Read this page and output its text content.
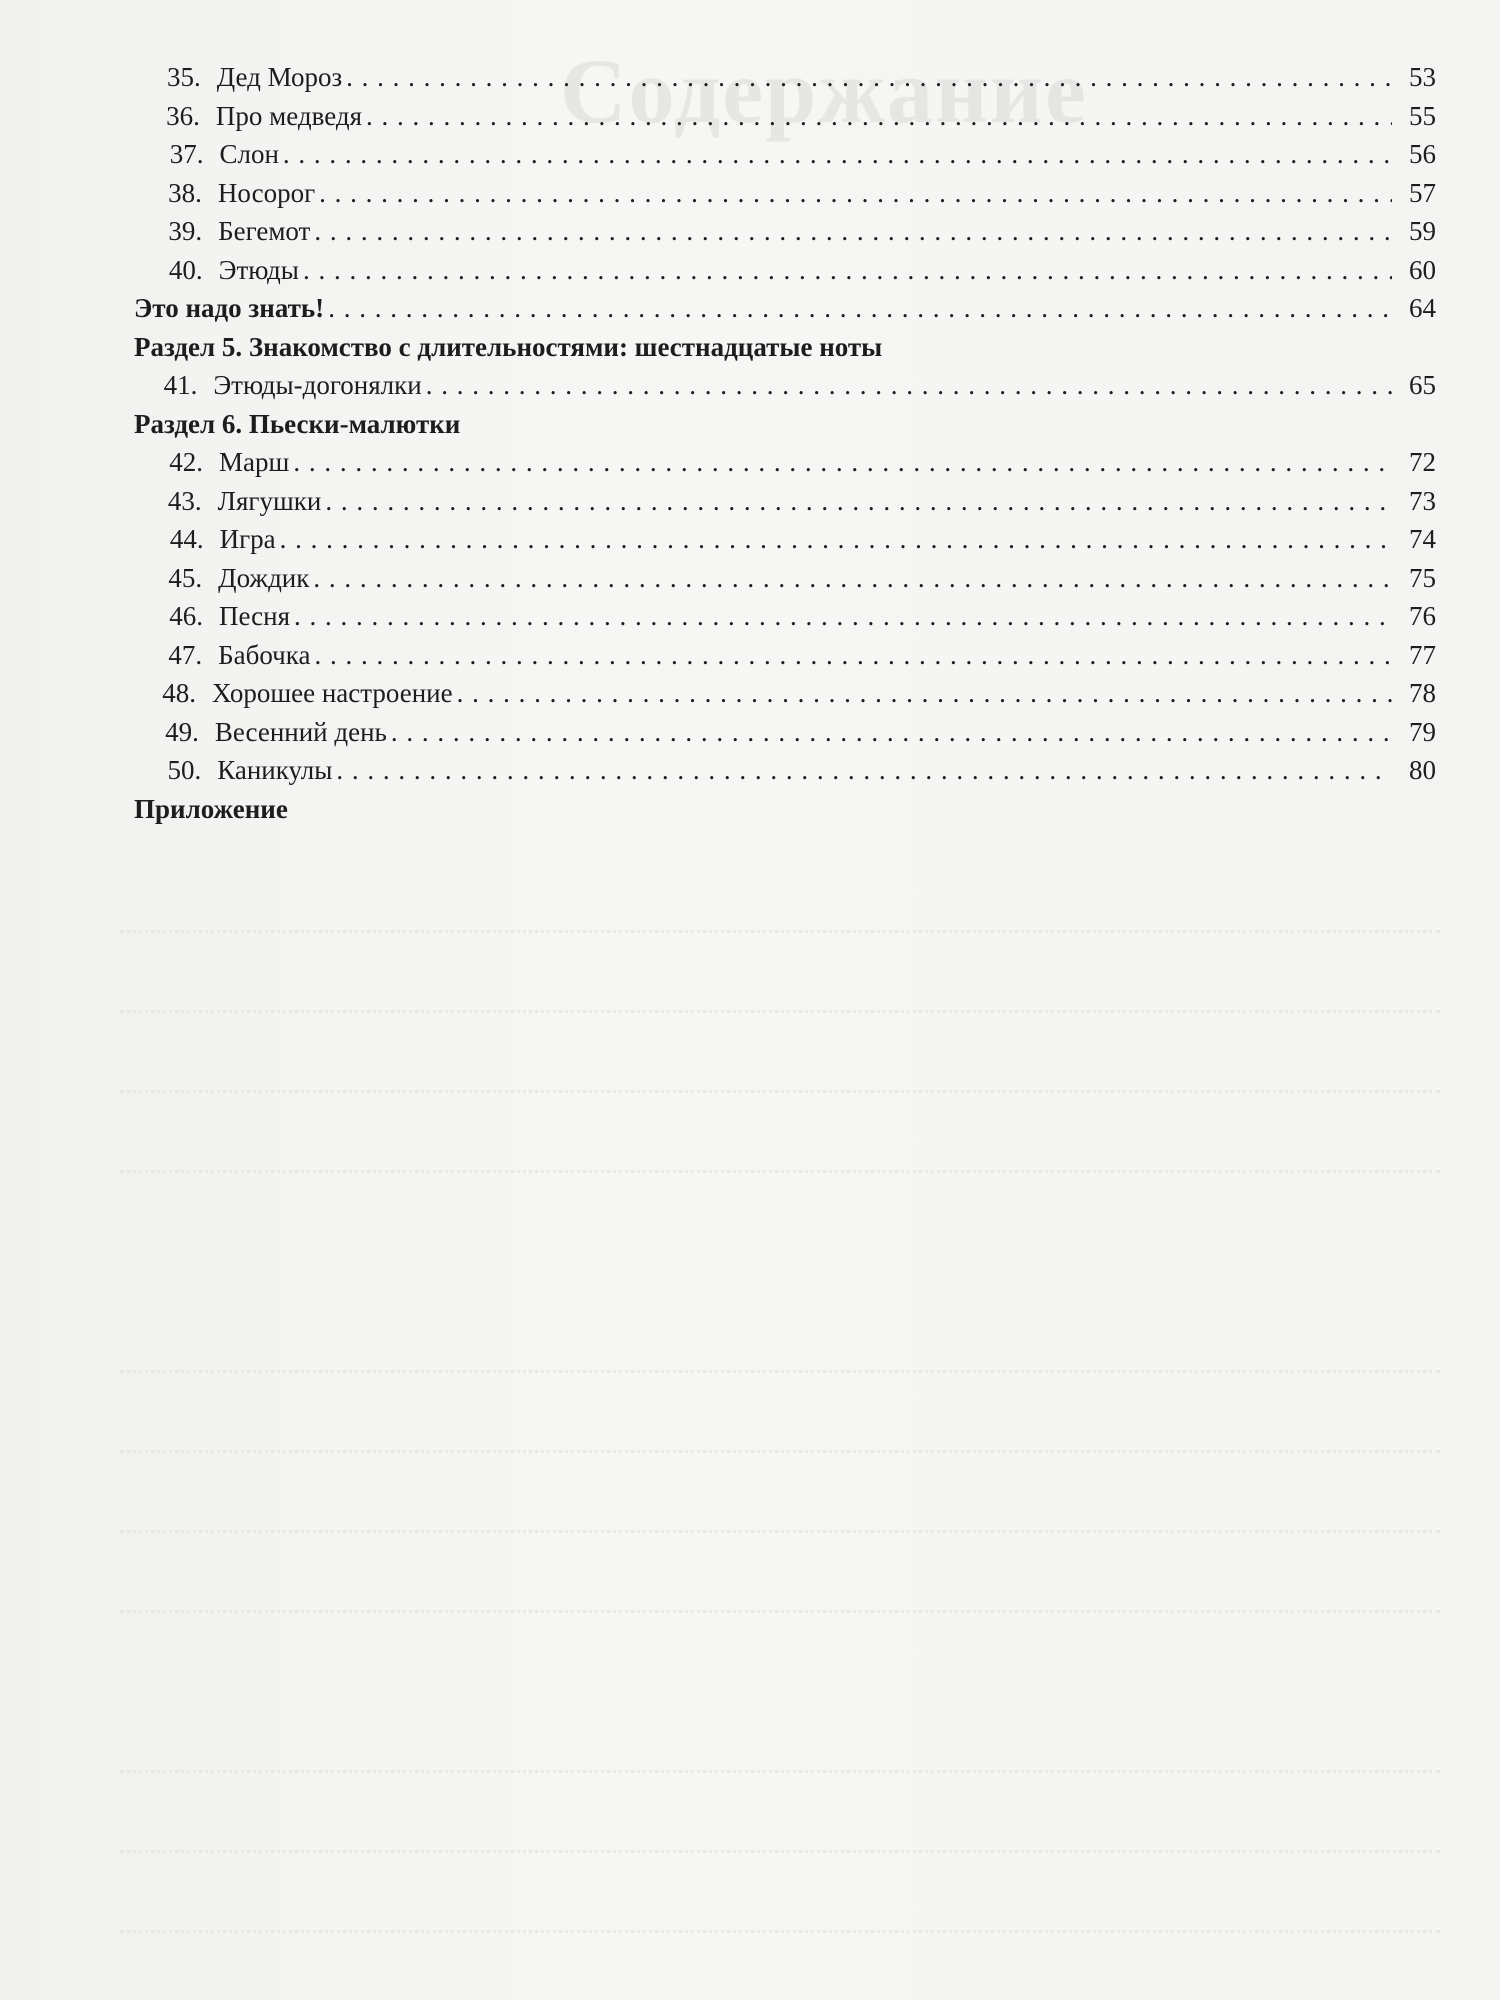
Содержание
35. Дед Мороз . . .	53
36. Про медведя . . .	55
37. Слон . . .	56
38. Носорог . . .	57
39. Бегемот . . .	59
40. Этюды . . .	60
Это надо знать! . . .	64
Раздел 5. Знакомство с длительностями: шестнадцатые ноты
41. Этюды-догонялки . . .	65
Раздел 6. Пьески-малютки
42. Марш . . .	72
43. Лягушки . . .	73
44. Игра . . .	74
45. Дождик . . .	75
46. Песня . . .	76
47. Бабочка . . .	77
48. Хорошее настроение . . .	78
49. Весенний день . . .	79
50. Каникулы . . .	80
Приложение
